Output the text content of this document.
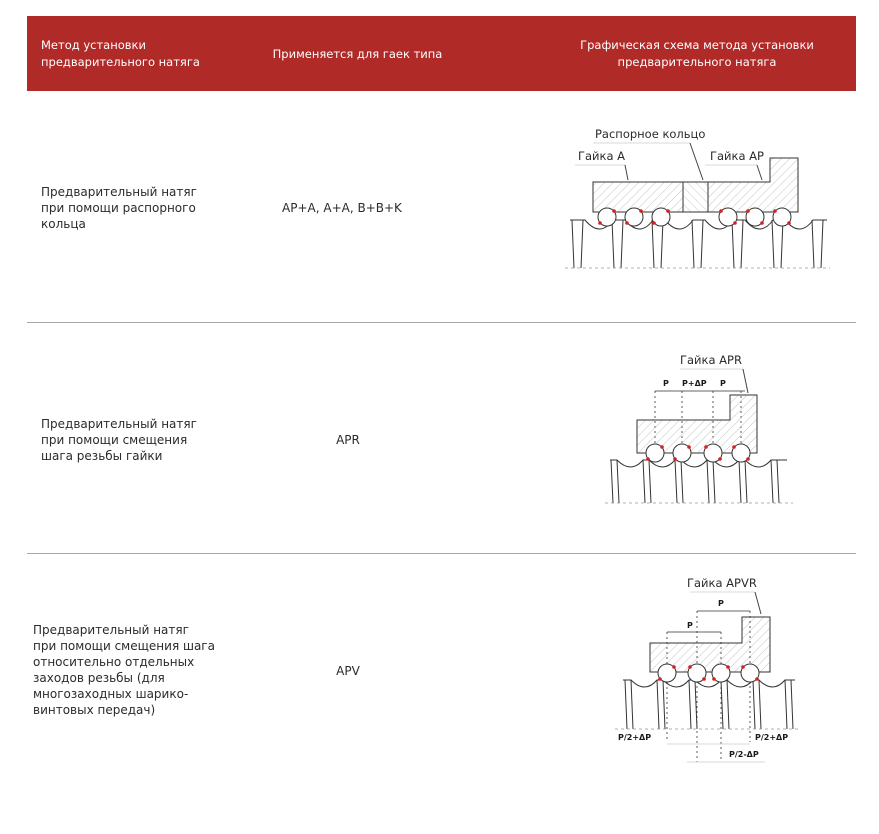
Метод установки
предварительного натяга
Применяется для гаек типа
Графическая схема метода установки
предварительного натяга
Предварительный натяг
при помощи распорного
кольца
AP+A, A+A, B+B+K
Распорное кольцо
Гайка А	Гайка АР
Предварительный натяг
при помощи смещения
шага резьбы гайки
APR
Гайка APR
P P+ΔP P
Предварительный натяг
при помощи смещения шага
относительно отдельных
заходов резьбы (для
многозаходных шарико-
винтовых передач)
APV
Гайка APVR
P
P
P/2+ΔP	P/2+ΔP
P/2-ΔP
